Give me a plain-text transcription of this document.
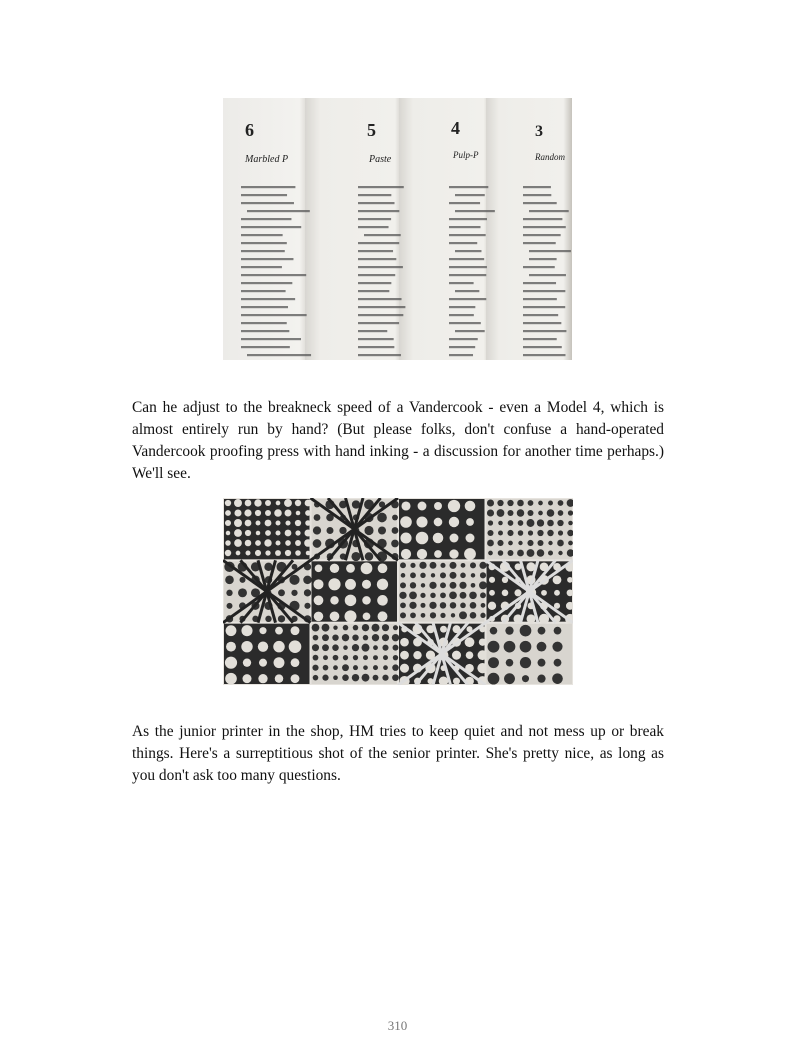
6
Marbled P
5
Paste
4
Pulp-P
3
Random

Can he adjust to the breakneck speed of a Vandercook - even a Model 4, which is almost entirely run by hand? (But please folks, don't confuse a hand-operated Vandercook proofing press with hand inking - a discussion for another time perhaps.) We'll see.

As the junior printer in the shop, HM tries to keep quiet and not mess up or break things. Here's a surreptitious shot of the senior printer. She's pretty nice, as long as you don't ask too many questions.

310
